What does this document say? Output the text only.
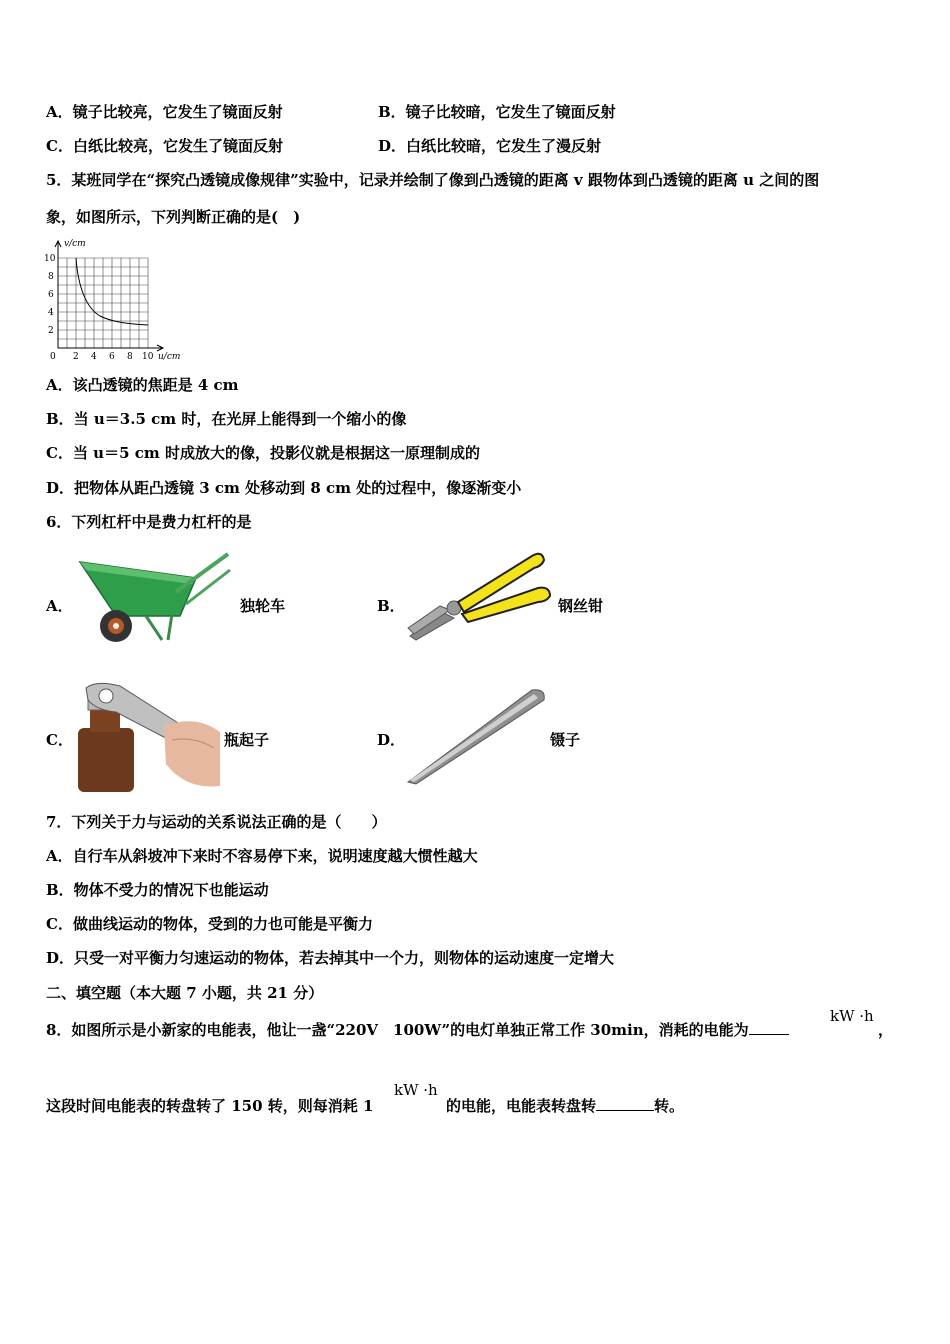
A．镜子比较亮，它发生了镜面反射	B．镜子比较暗，它发生了镜面反射
C．白纸比较亮，它发生了镜面反射	D．白纸比较暗，它发生了漫反射
5．某班同学在“探究凸透镜成像规律”实验中，记录并绘制了像到凸透镜的距离 v 跟物体到凸透镜的距离 u 之间的图
象，如图所示，下列判断正确的是(　)
v/cm
u/cm
10
8
6
4
2
0 2 4 6 8 10
A．该凸透镜的焦距是 4 cm
B．当 u＝3.5 cm 时，在光屏上能得到一个缩小的像
C．当 u＝5 cm 时成放大的像，投影仪就是根据这一原理制成的
D．把物体从距凸透镜 3 cm 处移动到 8 cm 处的过程中，像逐渐变小
6．下列杠杆中是费力杠杆的是
A．	独轮车	B．	钢丝钳
C．	瓶起子	D．	镊子
7．下列关于力与运动的关系说法正确的是（　　）
A．自行车从斜坡冲下来时不容易停下来，说明速度越大惯性越大
B．物体不受力的情况下也能运动
C．做曲线运动的物体，受到的力也可能是平衡力
D．只受一对平衡力匀速运动的物体，若去掉其中一个力，则物体的运动速度一定增大
二、填空题（本大题 7 小题，共 21 分）
8．如图所示是小新家的电能表，他让一盏“220V　100W”的电灯单独正常工作 30min，消耗的电能为
kW ·h
，
这段时间电能表的转盘转了 150 转，则每消耗 1
kW ·h
的电能，电能表转盘转	转。
